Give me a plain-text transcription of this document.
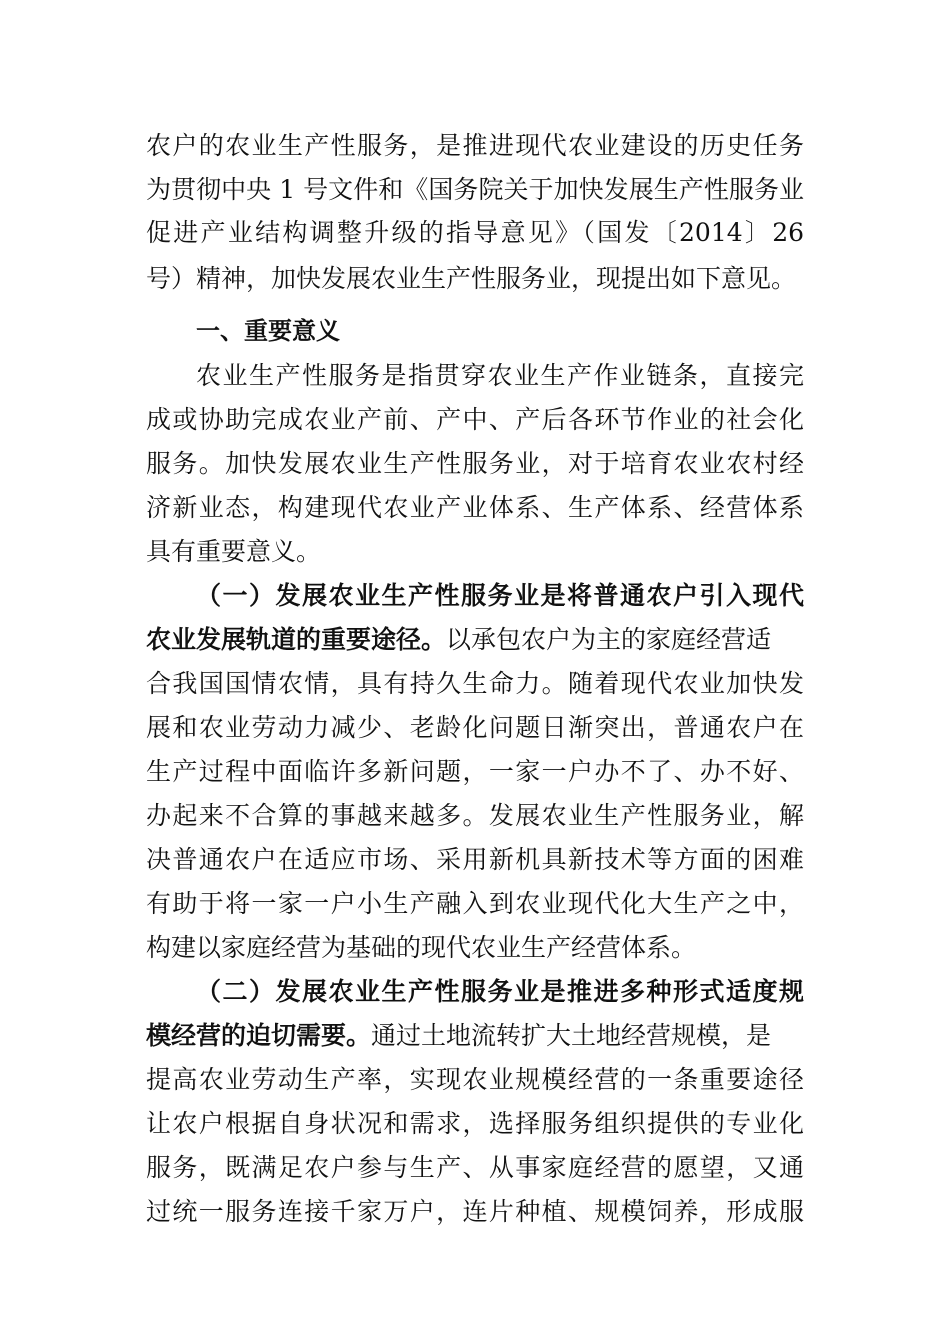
农户的农业生产性服务，是推进现代农业建设的历史任务
为贯彻中央 1 号文件和《国务院关于加快发展生产性服务业
促进产业结构调整升级的指导意见》（国发〔2014〕26
号）精神，加快发展农业生产性服务业，现提出如下意见。
一、重要意义
农业生产性服务是指贯穿农业生产作业链条，直接完
成或协助完成农业产前、产中、产后各环节作业的社会化
服务。加快发展农业生产性服务业，对于培育农业农村经
济新业态，构建现代农业产业体系、生产体系、经营体系
具有重要意义。
（一）发展农业生产性服务业是将普通农户引入现代
农业发展轨道的重要途径。以承包农户为主的家庭经营适
合我国国情农情，具有持久生命力。随着现代农业加快发
展和农业劳动力减少、老龄化问题日渐突出，普通农户在
生产过程中面临许多新问题，一家一户办不了、办不好、
办起来不合算的事越来越多。发展农业生产性服务业，解
决普通农户在适应市场、采用新机具新技术等方面的困难
有助于将一家一户小生产融入到农业现代化大生产之中，
构建以家庭经营为基础的现代农业生产经营体系。
（二）发展农业生产性服务业是推进多种形式适度规
模经营的迫切需要。通过土地流转扩大土地经营规模，是
提高农业劳动生产率，实现农业规模经营的一条重要途径
让农户根据自身状况和需求，选择服务组织提供的专业化
服务，既满足农户参与生产、从事家庭经营的愿望，又通
过统一服务连接千家万户，连片种植、规模饲养，形成服
